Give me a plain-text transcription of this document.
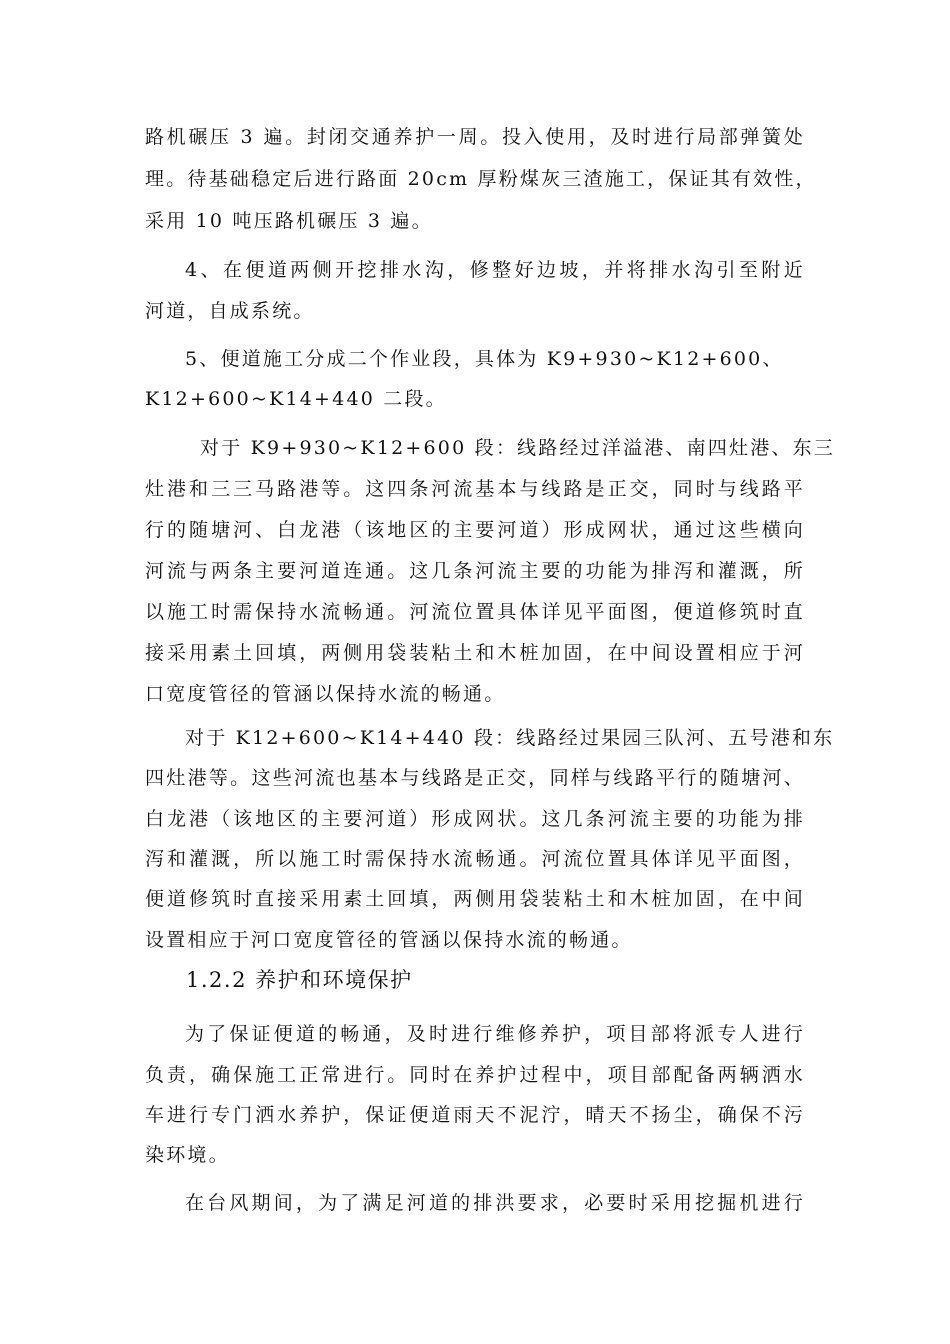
路机碾压 3 遍。封闭交通养护一周。投入使用，及时进行局部弹簧处
理。待基础稳定后进行路面 20cm 厚粉煤灰三渣施工，保证其有效性，
采用 10 吨压路机碾压 3 遍。
4、在便道两侧开挖排水沟，修整好边坡，并将排水沟引至附近
河道，自成系统。
5、便道施工分成二个作业段，具体为 K9+930~K12+600、
K12+600~K14+440 二段。
对于 K9+930~K12+600 段：线路经过洋溢港、南四灶港、东三
灶港和三三马路港等。这四条河流基本与线路是正交，同时与线路平
行的随塘河、白龙港（该地区的主要河道）形成网状，通过这些横向
河流与两条主要河道连通。这几条河流主要的功能为排泻和灌溉，所
以施工时需保持水流畅通。河流位置具体详见平面图，便道修筑时直
接采用素土回填，两侧用袋装粘土和木桩加固，在中间设置相应于河
口宽度管径的管涵以保持水流的畅通。
对于 K12+600~K14+440 段：线路经过果园三队河、五号港和东
四灶港等。这些河流也基本与线路是正交，同样与线路平行的随塘河、
白龙港（该地区的主要河道）形成网状。这几条河流主要的功能为排
泻和灌溉，所以施工时需保持水流畅通。河流位置具体详见平面图，
便道修筑时直接采用素土回填，两侧用袋装粘土和木桩加固，在中间
设置相应于河口宽度管径的管涵以保持水流的畅通。
1.2.2 养护和环境保护
为了保证便道的畅通，及时进行维修养护，项目部将派专人进行
负责，确保施工正常进行。同时在养护过程中，项目部配备两辆洒水
车进行专门洒水养护，保证便道雨天不泥泞，晴天不扬尘，确保不污
染环境。
在台风期间，为了满足河道的排洪要求，必要时采用挖掘机进行
